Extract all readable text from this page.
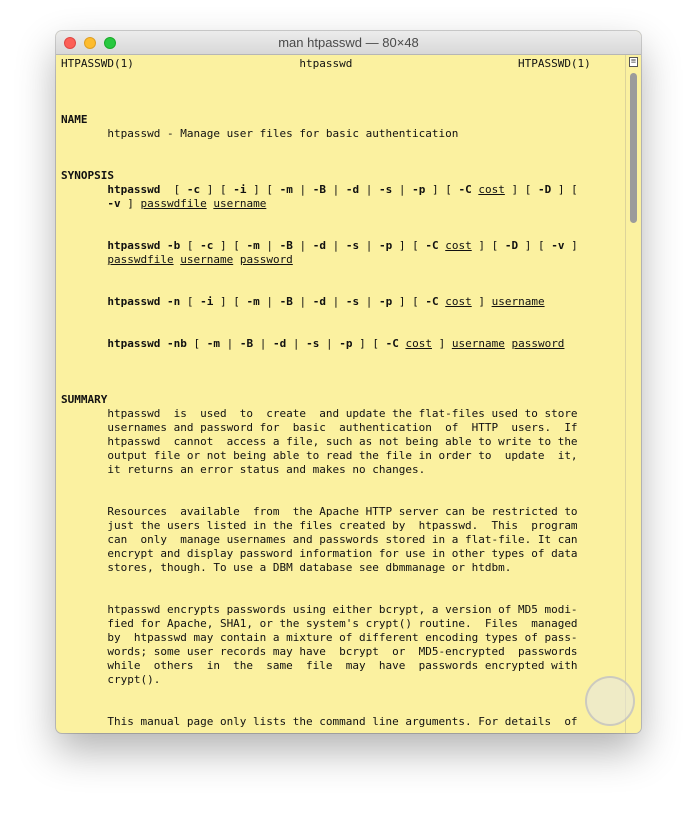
man htpasswd — 80×48
HTPASSWD(1)                         htpasswd                         HTPASSWD(1)
NAME
htpasswd - Manage user files for basic authentication
SYNOPSIS
htpasswd  [ -c ] [ -i ] [ -m | -B | -d | -s | -p ] [ -C cost ] [ -D ] [
-v ] passwdfile username
htpasswd -b [ -c ] [ -m | -B | -d | -s | -p ] [ -C cost ] [ -D ] [ -v ]
passwdfile username password
htpasswd -n [ -i ] [ -m | -B | -d | -s | -p ] [ -C cost ] username
htpasswd -nb [ -m | -B | -d | -s | -p ] [ -C cost ] username password
SUMMARY
htpasswd  is  used  to  create  and update the flat-files used to store
usernames and password for  basic  authentication  of  HTTP  users.  If
htpasswd  cannot  access a file, such as not being able to write to the
output file or not being able to read the file in order to  update  it,
it returns an error status and makes no changes.
Resources  available  from  the Apache HTTP server can be restricted to
just the users listed in the files created by  htpasswd.  This  program
can  only  manage usernames and passwords stored in a flat-file. It can
encrypt and display password information for use in other types of data
stores, though. To use a DBM database see dbmmanage or htdbm.
htpasswd encrypts passwords using either bcrypt, a version of MD5 modi-
fied for Apache, SHA1, or the system's crypt() routine.  Files  managed
by  htpasswd may contain a mixture of different encoding types of pass-
words; some user records may have  bcrypt  or  MD5-encrypted  passwords
while  others  in  the  same  file  may  have  passwords encrypted with
crypt().
This manual page only lists the command line arguments. For details  of
≡
